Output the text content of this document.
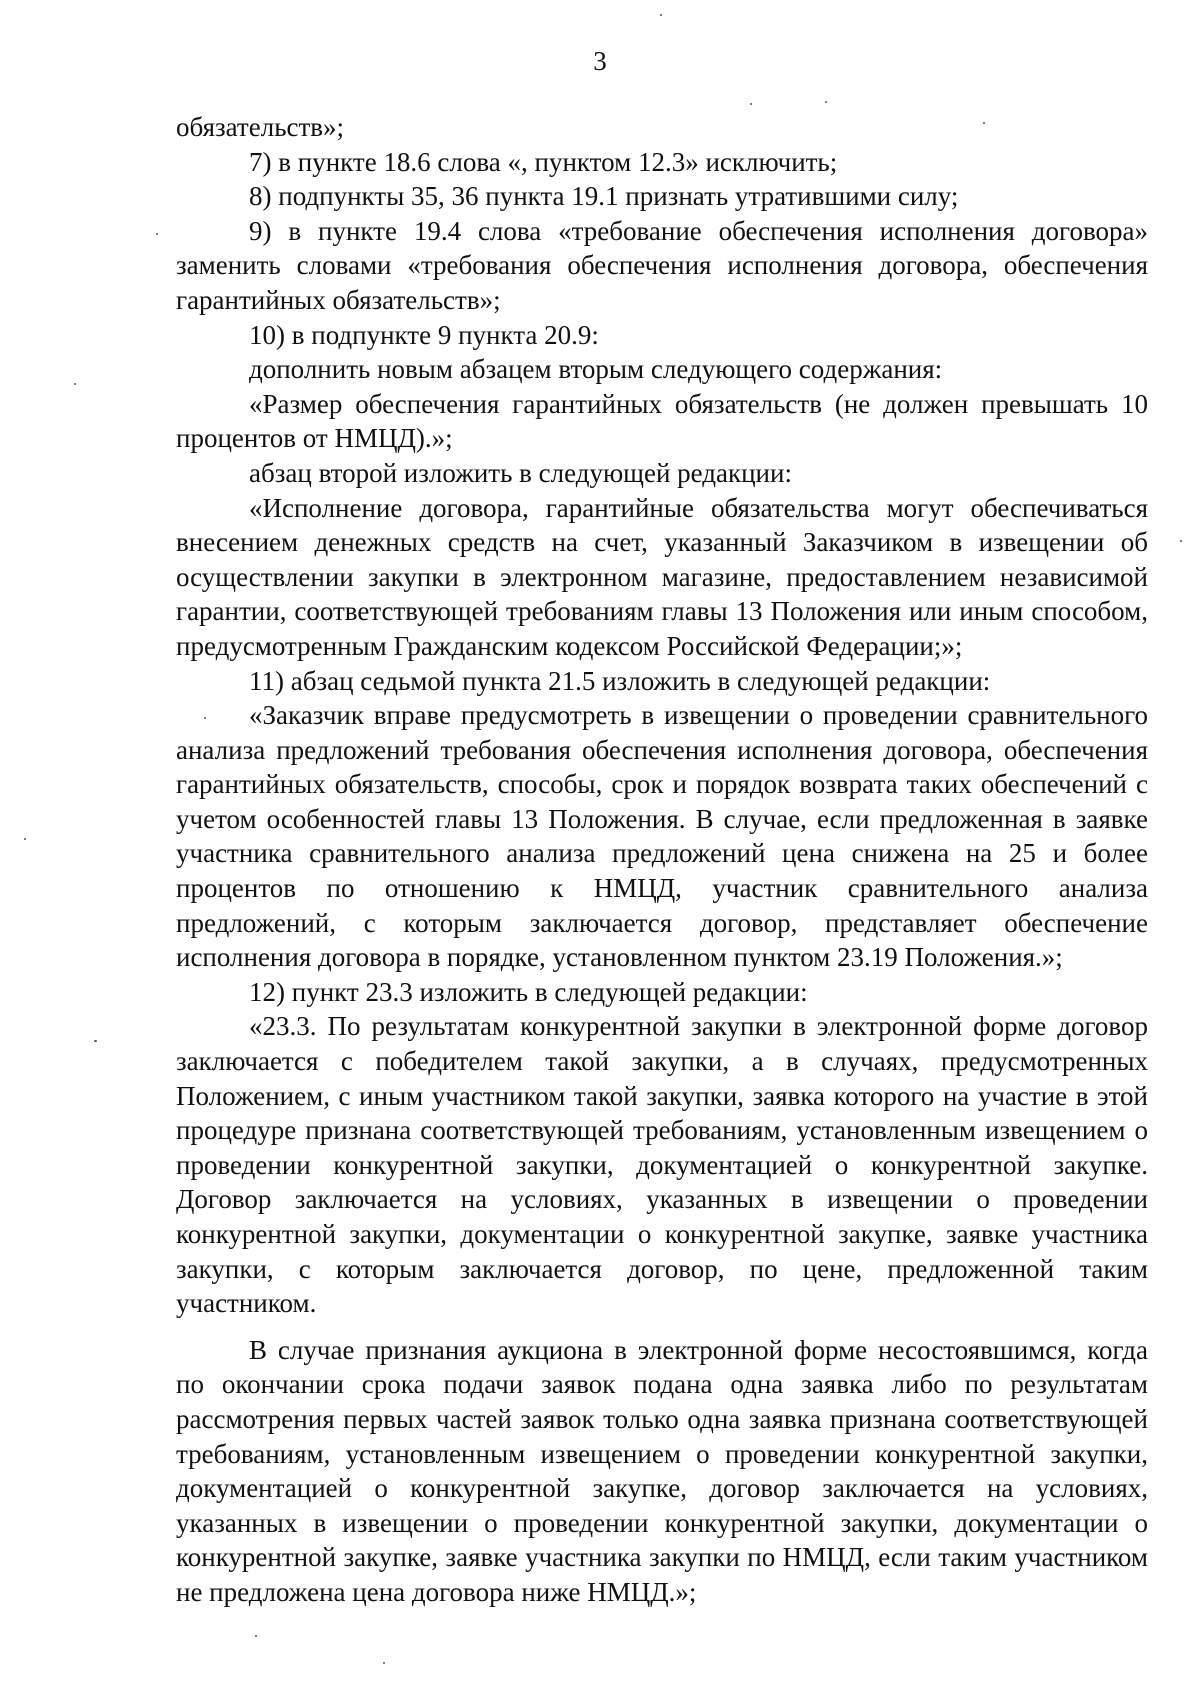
3

обязательств»;

7) в пункте 18.6 слова «, пунктом 12.3» исключить;

8) подпункты 35, 36 пункта 19.1 признать утратившими силу;

9) в пункте 19.4 слова «требование обеспечения исполнения договора» заменить словами «требования обеспечения исполнения договора, обеспечения гарантийных обязательств»;

10) в подпункте 9 пункта 20.9:

дополнить новым абзацем вторым следующего содержания:

«Размер обеспечения гарантийных обязательств (не должен превышать 10 процентов от НМЦД).»;

абзац второй изложить в следующей редакции:

«Исполнение договора, гарантийные обязательства могут обеспечиваться внесением денежных средств на счет, указанный Заказчиком в извещении об осуществлении закупки в электронном магазине, предоставлением независимой гарантии, соответствующей требованиям главы 13 Положения или иным способом, предусмотренным Гражданским кодексом Российской Федерации;»;

11) абзац седьмой пункта 21.5 изложить в следующей редакции:

«Заказчик вправе предусмотреть в извещении о проведении сравнительного анализа предложений требования обеспечения исполнения договора, обеспечения гарантийных обязательств, способы, срок и порядок возврата таких обеспечений с учетом особенностей главы 13 Положения. В случае, если предложенная в заявке участника сравнительного анализа предложений цена снижена на 25 и более процентов по отношению к НМЦД, участник сравнительного анализа предложений, с которым заключается договор, представляет обеспечение исполнения договора в порядке, установленном пунктом 23.19 Положения.»;

12) пункт 23.3 изложить в следующей редакции:

«23.3. По результатам конкурентной закупки в электронной форме договор заключается с победителем такой закупки, а в случаях, предусмотренных Положением, с иным участником такой закупки, заявка которого на участие в этой процедуре признана соответствующей требованиям, установленным извещением о проведении конкурентной закупки, документацией о конкурентной закупке. Договор заключается на условиях, указанных в извещении о проведении конкурентной закупки, документации о конкурентной закупке, заявке участника закупки, с которым заключается договор, по цене, предложенной таким участником.

В случае признания аукциона в электронной форме несостоявшимся, когда по окончании срока подачи заявок подана одна заявка либо по результатам рассмотрения первых частей заявок только одна заявка признана соответствующей требованиям, установленным извещением о проведении конкурентной закупки, документацией о конкурентной закупке, договор заключается на условиях, указанных в извещении о проведении конкурентной закупки, документации о конкурентной закупке, заявке участника закупки по НМЦД, если таким участником не предложена цена договора ниже НМЦД.»;
